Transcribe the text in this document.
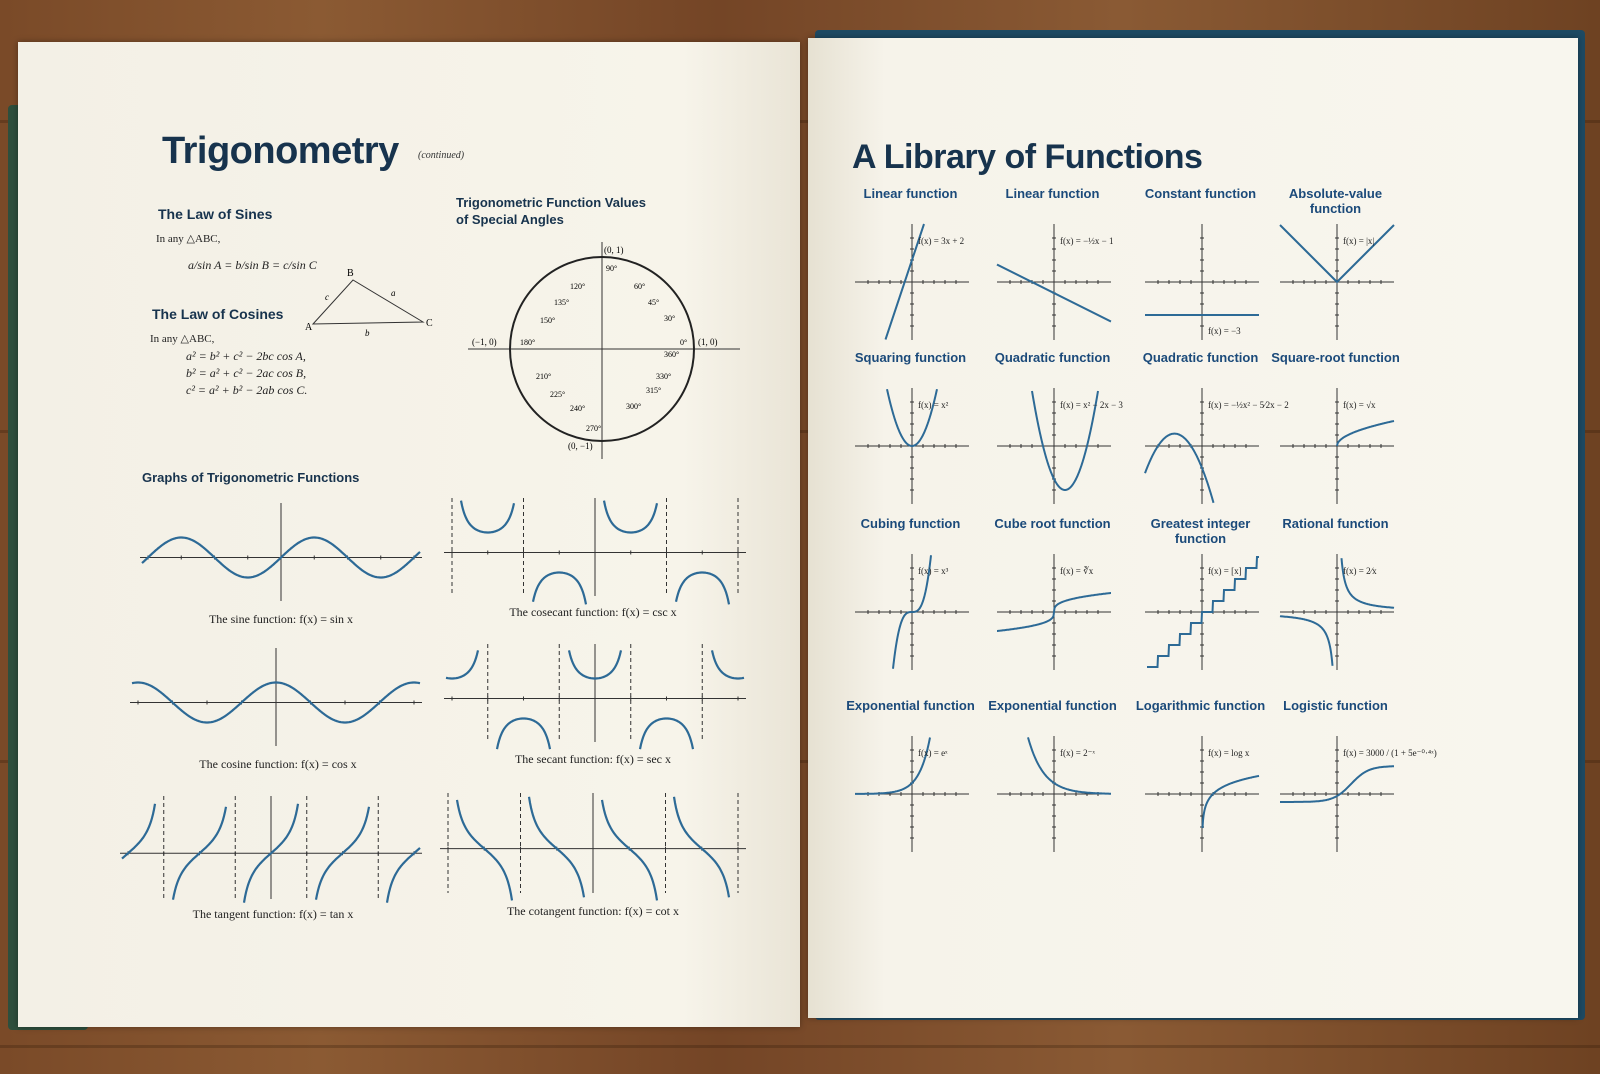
Trigonometry (continued)
The Law of Sines
In any △ABC,
a/sin A = b/sin B = c/sin C
The Law of Cosines
In any △ABC,
a² = b² + c² − 2bc cos A,
b² = a² + c² − 2ac cos B,
c² = a² + b² − 2ab cos C.
A
B
C
a
b
c
Trigonometric Function Values
of Special Angles
(0, 1)
(−1, 0)	(1, 0)
(0, −1)
90°
60°
45°
30°
0°
360°
330°
315°
300°
270°
240°
225°
210°
180°
150°
135°
120°
Graphs of Trigonometric Functions
The sine function: f(x) = sin x
The cosine function: f(x) = cos x
The tangent function: f(x) = tan x
The cosecant function: f(x) = csc x
The secant function: f(x) = sec x
The cotangent function: f(x) = cot x
A Library of Functions
Linear function
f(x) = 3x + 2
Linear function
f(x) = −½x − 1
Constant function
f(x) = −3
Absolute-value function
f(x) = |x|
Squaring function
f(x) = x²
Quadratic function
f(x) = x² − 2x − 3
Quadratic function
f(x) = −½x² − 5⁄2x − 2
Square-root function
f(x) = √x
Cubing function
f(x) = x³
Cube root function
f(x) = ∛x
Greatest integer function
f(x) = [x]
Rational function
f(x) = 2⁄x
Exponential function
f(x) = eˣ
Exponential function
f(x) = 2⁻ˣ
Logarithmic function
f(x) = log x
Logistic function
f(x) = 3000 / (1 + 5e⁻⁰·⁴ˣ)
